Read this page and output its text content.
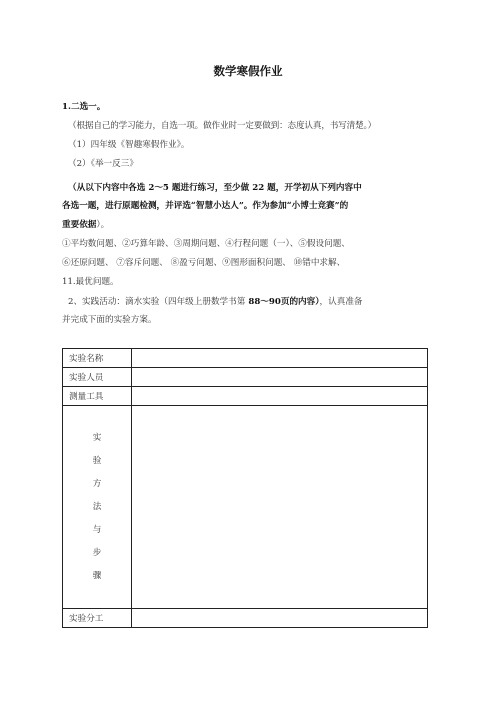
数学寒假作业
1.二选一。
（根据自己的学习能力，自选一项。做作业时一定要做到：态度认真，书写清楚。）
（1）四年级《智趣寒假作业》。
（2）《举一反三》
（从以下内容中各选 2～5 题进行练习，至少做 22 题，开学初从下列内容中
各选一题，进行原题检测，并评选“智慧小达人”。作为参加“小博士竞赛”的
重要依据）。
①平均数问题、②巧算年龄、③周期问题、④行程问题（一）、⑤假设问题、
⑥还原问题、 ⑦容斥问题、 ⑧盈亏问题、⑨图形面积问题、 ⑩错中求解、
11.最优问题。
2、实践活动：滴水实验（四年级上册数学书第 88～90页的内容），认真准备
并完成下面的实验方案。
实验名称	
实验人员	
测量工具	
实验方法与步骤	
实验分工	
